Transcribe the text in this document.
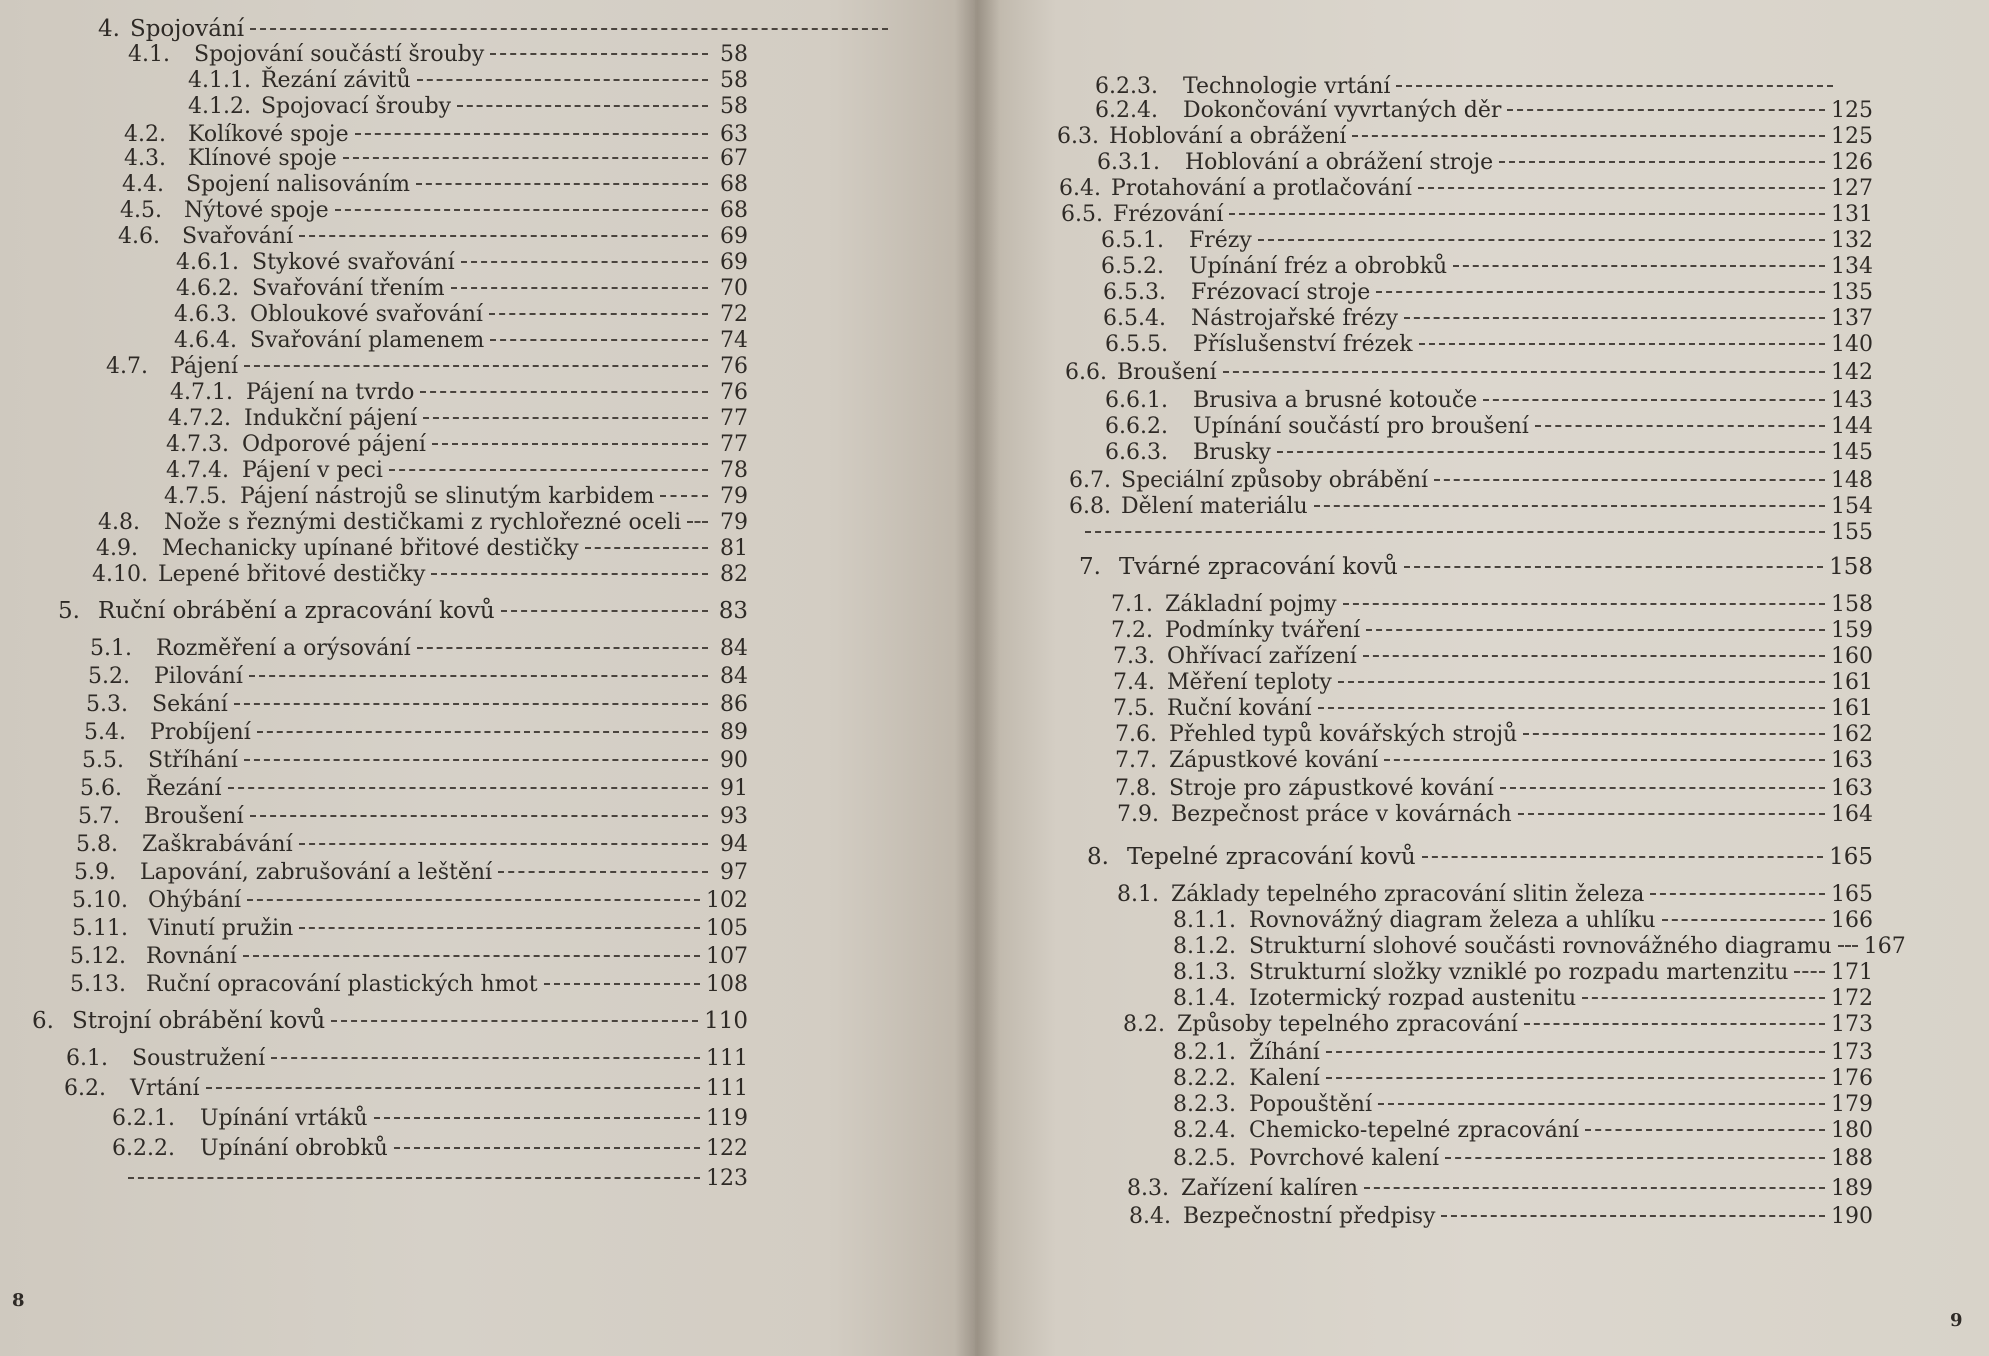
4. Spojování
4.1.	Spojování součástí šrouby	58
4.1.1. Řezání závitů	58
4.1.2. Spojovací šrouby	58
4.2.	Kolíkové spoje	63
4.3.	Klínové spoje	67
4.4.	Spojení nalisováním	68
4.5.	Nýtové spoje	68
4.6.	Svařování	69
4.6.1. Stykové svařování	69
4.6.2. Svařování třením	70
4.6.3. Obloukové svařování	72
4.6.4. Svařování plamenem	74
4.7.	Pájení	76
4.7.1. Pájení na tvrdo	76
4.7.2. Indukční pájení	77
4.7.3. Odporové pájení	77
4.7.4. Pájení v peci	78
4.7.5. Pájení nástrojů se slinutým karbidem	79
4.8.	Nože s řeznými destičkami z rychlořezné oceli 79
4.9.	Mechanicky upínané břitové destičky	81
4.10. Lepené břitové destičky	82
5. Ruční obrábění a zpracování kovů	83
5.1.	Rozměření a orýsování	84
5.2.	Pilování	84
5.3.	Sekání	86
5.4.	Probíjení	89
5.5.	Stříhání	90
5.6.	Řezání	91
5.7.	Broušení	93
5.8.	Zaškrabávání	94
5.9.	Lapování, zabrušování a leštění	97
5.10. Ohýbání	102
5.11. Vinutí pružin	105
5.12. Rovnání	107
5.13. Ruční opracování plastických hmot	108
6. Strojní obrábění kovů	110
6.1.	Soustružení	111
6.2.	Vrtání	111
6.2.1.	Upínání vrtáků	119
6.2.2.	Upínání obrobků	122
123
8
6.2.3.	Technologie vrtání
6.2.4.	Dokončování vyvrtaných děr	125
6.3. Hoblování a obrážení	125
6.3.1.	Hoblování a obrážení stroje	126
6.4. Protahování a protlačování	127
6.5. Frézování	131
6.5.1.	Frézy	132
6.5.2.	Upínání fréz a obrobků	134
6.5.3.	Frézovací stroje	135
6.5.4.	Nástrojařské frézy	137
6.5.5.	Příslušenství frézek	140
6.6. Broušení	142
6.6.1.	Brusiva a brusné kotouče	143
6.6.2.	Upínání součástí pro broušení	144
6.6.3.	Brusky	145
6.7. Speciální způsoby obrábění	148
6.8. Dělení materiálu	154
155
7. Tvárné zpracování kovů	158
7.1. Základní pojmy	158
7.2. Podmínky tváření	159
7.3. Ohřívací zařízení	160
7.4. Měření teploty	161
7.5. Ruční kování	161
7.6. Přehled typů kovářských strojů	162
7.7. Zápustkové kování	163
7.8. Stroje pro zápustkové kování	163
7.9. Bezpečnost práce v kovárnách	164
8. Tepelné zpracování kovů	165
8.1. Základy tepelného zpracování slitin železa	165
8.1.1. Rovnovážný diagram železa a uhlíku	166
8.1.2. Strukturní slohové součásti rovnovážného diagramu 167
8.1.3. Strukturní složky vzniklé po rozpadu martenzitu 171
8.1.4. Izotermický rozpad austenitu	172
8.2. Způsoby tepelného zpracování	173
8.2.1. Žíhání	173
8.2.2. Kalení	176
8.2.3. Popouštění	179
8.2.4. Chemicko-tepelné zpracování	180
8.2.5. Povrchové kalení	188
8.3. Zařízení kalíren	189
8.4. Bezpečnostní předpisy	190
9
